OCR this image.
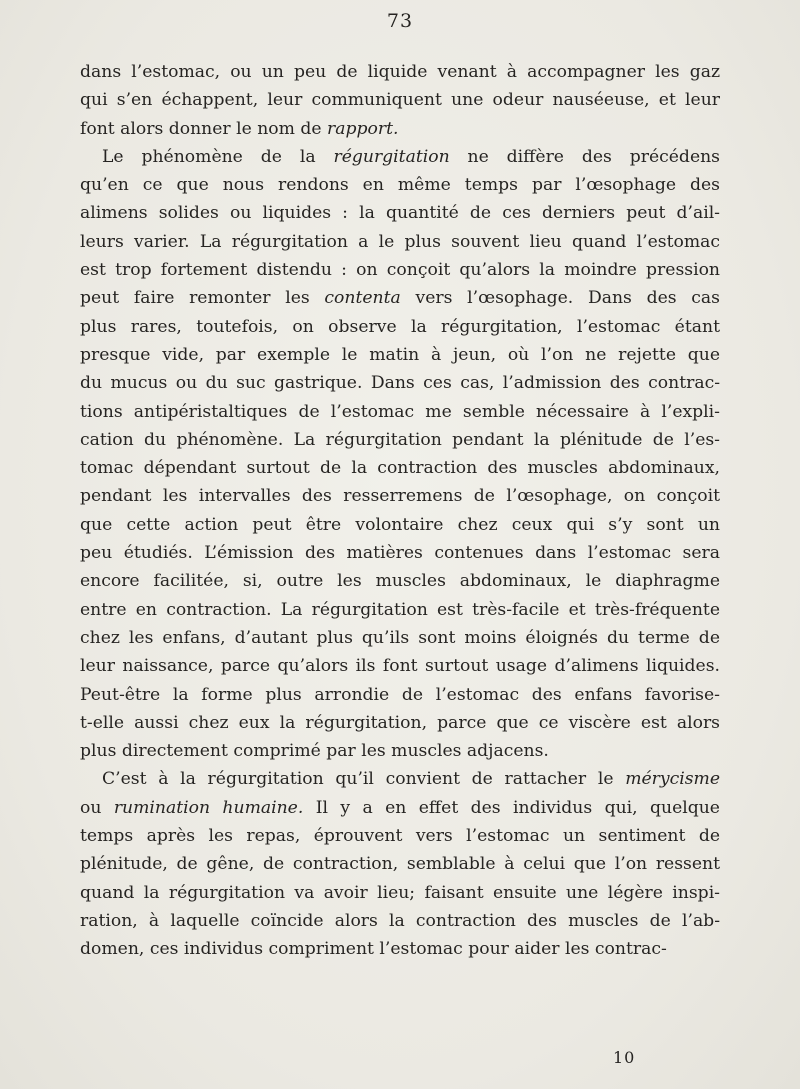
73
dans l’estomac, ou un peu de liquide venant à accompagner les gaz
qui s’en échappent, leur communiquent une odeur nauséeuse, et leur
font alors donner le nom de rapport.
Le phénomène de la régurgitation ne diffère des précédens
qu’en ce que nous rendons en même temps par l’œsophage des
alimens solides ou liquides : la quantité de ces derniers peut d’ail-
leurs varier. La régurgitation a le plus souvent lieu quand l’estomac
est trop fortement distendu : on conçoit qu’alors la moindre pression
peut faire remonter les contenta vers l’œsophage. Dans des cas
plus rares, toutefois, on observe la régurgitation, l’estomac étant
presque vide, par exemple le matin à jeun, où l’on ne rejette que
du mucus ou du suc gastrique. Dans ces cas, l’admission des contrac-
tions antipéristaltiques de l’estomac me semble nécessaire à l’expli-
cation du phénomène. La régurgitation pendant la plénitude de l’es-
tomac dépendant surtout de la contraction des muscles abdominaux,
pendant les intervalles des resserremens de l’œsophage, on conçoit
que cette action peut être volontaire chez ceux qui s’y sont un
peu étudiés. L’émission des matières contenues dans l’estomac sera
encore facilitée, si, outre les muscles abdominaux, le diaphragme
entre en contraction. La régurgitation est très-facile et très-fréquente
chez les enfans, d’autant plus qu’ils sont moins éloignés du terme de
leur naissance, parce qu’alors ils font surtout usage d’alimens liquides.
Peut-être la forme plus arrondie de l’estomac des enfans favorise-
t-elle aussi chez eux la régurgitation, parce que ce viscère est alors
plus directement comprimé par les muscles adjacens.
C’est à la régurgitation qu’il convient de rattacher le mérycisme
ou rumination humaine. Il y a en effet des individus qui, quelque
temps après les repas, éprouvent vers l’estomac un sentiment de
plénitude, de gêne, de contraction, semblable à celui que l’on ressent
quand la régurgitation va avoir lieu; faisant ensuite une légère inspi-
ration, à laquelle coïncide alors la contraction des muscles de l’ab-
domen, ces individus compriment l’estomac pour aider les contrac-
10
